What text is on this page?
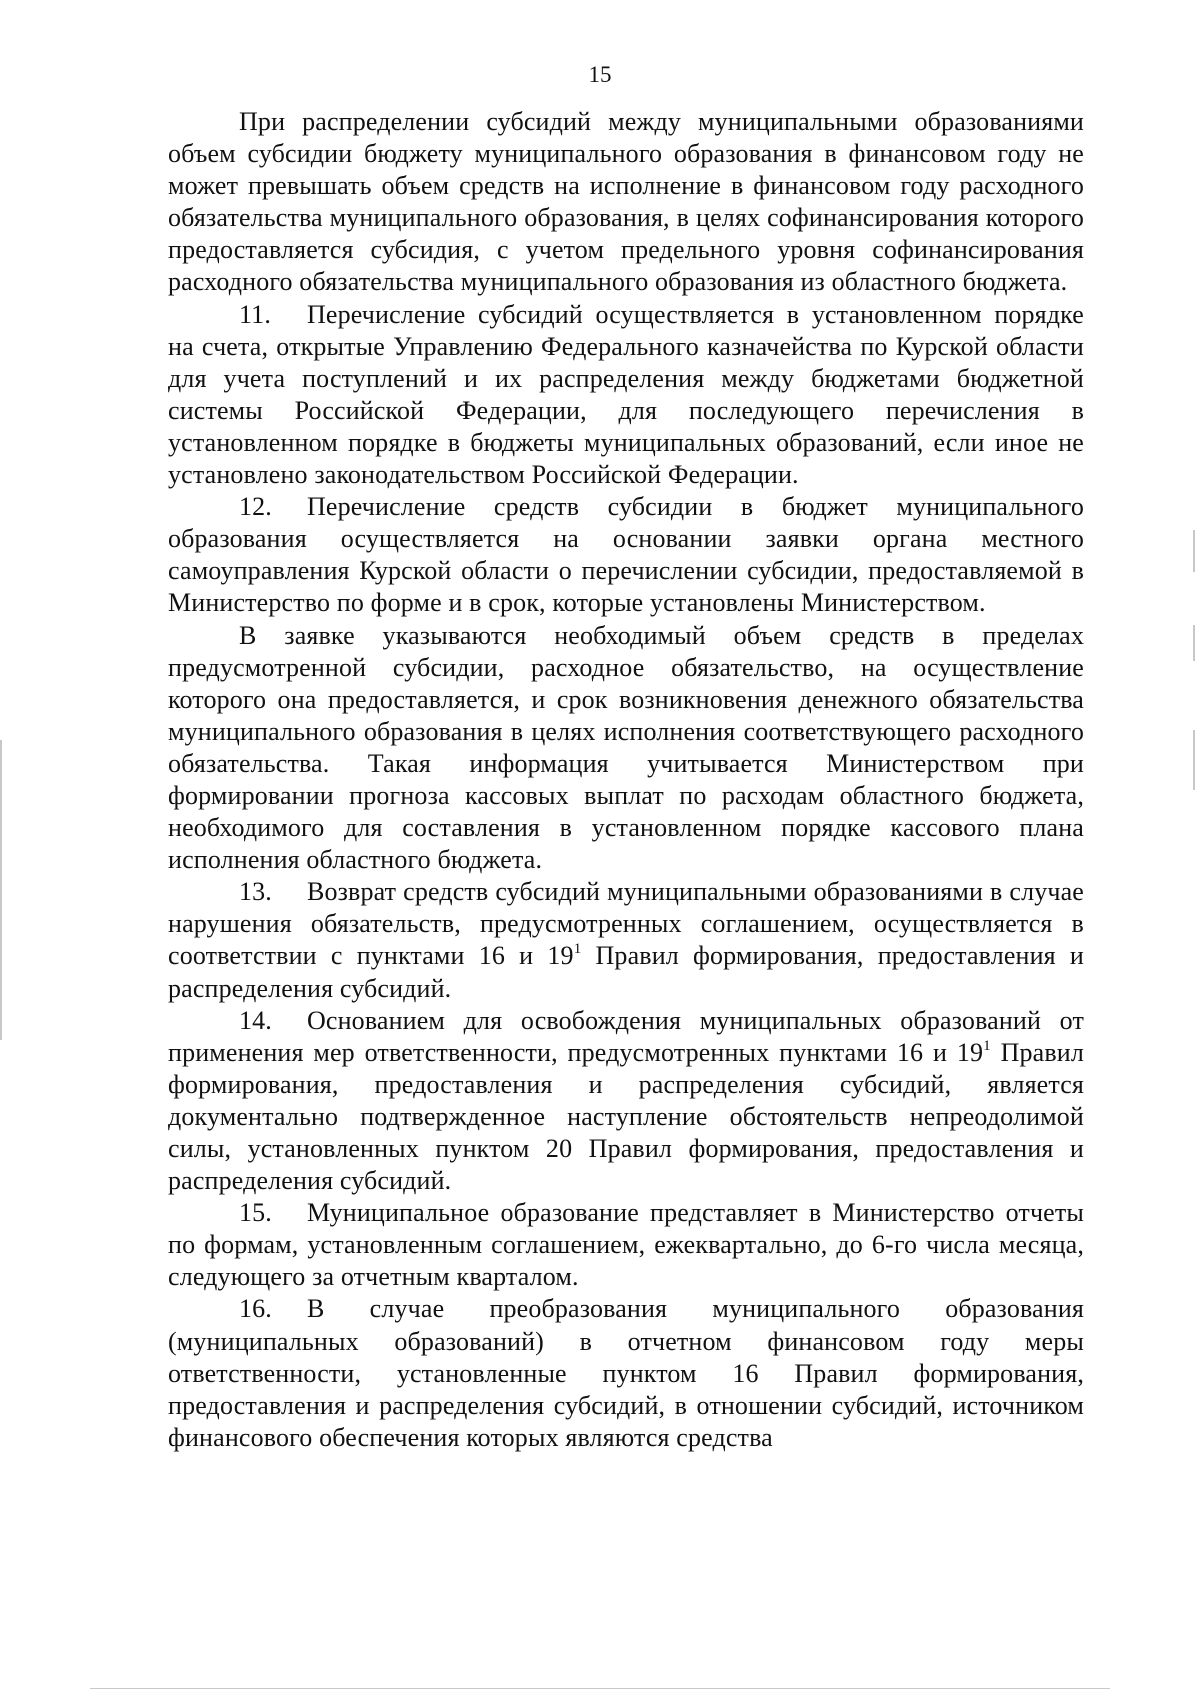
15

При распределении субсидий между муниципальными образованиями объем субсидии бюджету муниципального образования в финансовом году не может превышать объем средств на исполнение в финансовом году расходного обязательства муниципального образования, в целях софинансирования которого предоставляется субсидия, с учетом предельного уровня софинансирования расходного обязательства муниципального образования из областного бюджета.

11. Перечисление субсидий осуществляется в установленном порядке на счета, открытые Управлению Федерального казначейства по Курской области для учета поступлений и их распределения между бюджетами бюджетной системы Российской Федерации, для последующего перечисления в установленном порядке в бюджеты муниципальных образований, если иное не установлено законодательством Российской Федерации.

12. Перечисление средств субсидии в бюджет муниципального образования осуществляется на основании заявки органа местного самоуправления Курской области о перечислении субсидии, предоставляемой в Министерство по форме и в срок, которые установлены Министерством.

В заявке указываются необходимый объем средств в пределах предусмотренной субсидии, расходное обязательство, на осуществление которого она предоставляется, и срок возникновения денежного обязательства муниципального образования в целях исполнения соответствующего расходного обязательства. Такая информация учитывается Министерством при формировании прогноза кассовых выплат по расходам областного бюджета, необходимого для составления в установленном порядке кассового плана исполнения областного бюджета.

13. Возврат средств субсидий муниципальными образованиями в случае нарушения обязательств, предусмотренных соглашением, осуществляется в соответствии с пунктами 16 и $19^1$ Правил формирования, предоставления и распределения субсидий.

14. Основанием для освобождения муниципальных образований от применения мер ответственности, предусмотренных пунктами 16 и $19^1$ Правил формирования, предоставления и распределения субсидий, является документально подтвержденное наступление обстоятельств непреодолимой силы, установленных пунктом 20 Правил формирования, предоставления и распределения субсидий.

15. Муниципальное образование представляет в Министерство отчеты по формам, установленным соглашением, ежеквартально, до 6-го числа месяца, следующего за отчетным кварталом.

16. В случае преобразования муниципального образования (муниципальных образований) в отчетном финансовом году меры ответственности, установленные пунктом 16 Правил формирования, предоставления и распределения субсидий, в отношении субсидий, источником финансового обеспечения которых являются средства
